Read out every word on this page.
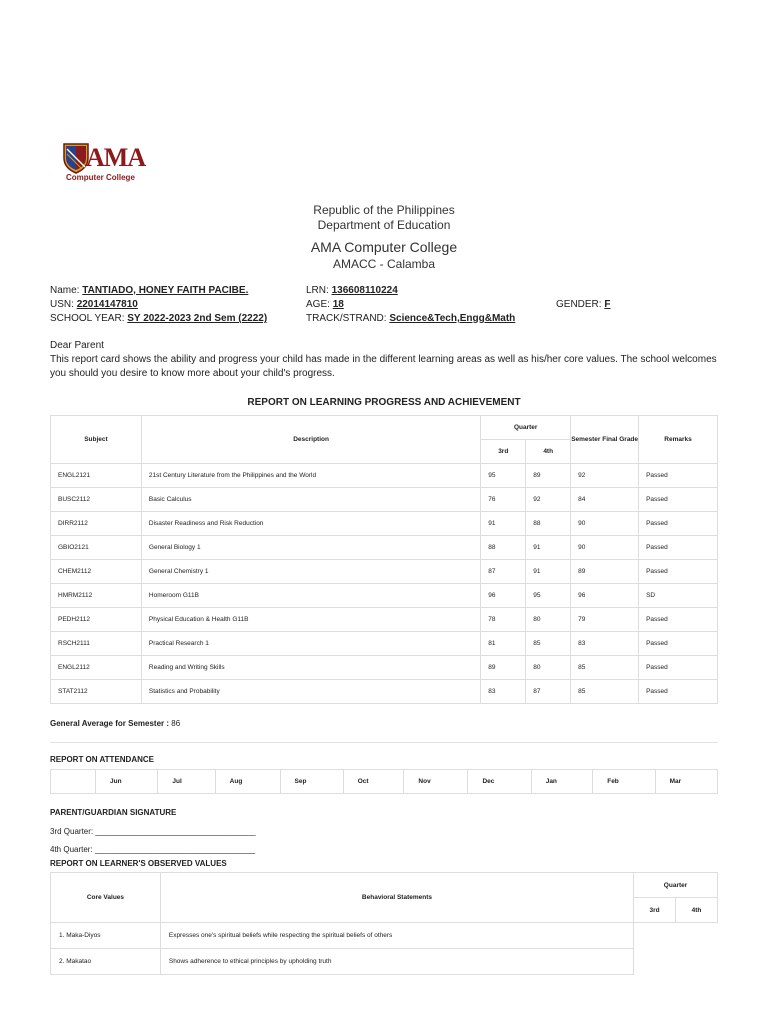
AMA
Computer College
Republic of the Philippines
Department of Education
AMA Computer College
AMACC - Calamba
Name: TANTIADO, HONEY FAITH PACIBE.	LRN: 136608110224
USN: 22014147810	AGE: 18	GENDER: F
SCHOOL YEAR: SY 2022-2023 2nd Sem (2222)	TRACK/STRAND: Science&Tech,Engg&Math
Dear Parent
This report card shows the ability and progress your child has made in the different learning areas as well as his/her core values. The school welcomes you should you desire to know more about your child's progress.
REPORT ON LEARNING PROGRESS AND ACHIEVEMENT
Subject	Description	Quarter		Semester Final Grade	Remarks
		3rd	4th		
ENGL2121	21st Century Literature from the Philippines and the World	95	89	92	Passed
BUSC2112	Basic Calculus	76	92	84	Passed
DIRR2112	Disaster Readiness and Risk Reduction	91	88	90	Passed
GBIO2121	General Biology 1	88	91	90	Passed
CHEM2112	General Chemistry 1	87	91	89	Passed
HMRM2112	Homeroom G11B	96	95	96	SD
PEDH2112	Physical Education & Health G11B	78	80	79	Passed
RSCH2111	Practical Research 1	81	85	83	Passed
ENGL2112	Reading and Writing Skills	89	80	85	Passed
STAT2112	Statistics and Probability	83	87	85	Passed
General Average for Semester : 86
REPORT ON ATTENDANCE
	Jun	Jul	Aug	Sep	Oct	Nov	Dec	Jan	Feb	Mar
PARENT/GUARDIAN SIGNATURE
3rd Quarter: ____________________________________
4th Quarter: ____________________________________
REPORT ON LEARNER'S OBSERVED VALUES
Core Values	Behavioral Statements	Quarter	
		3rd	4th
1. Maka-Diyos	Expresses one's spiritual beliefs while respecting the spiritual beliefs of others		
2. Makatao	Shows adherence to ethical principles by upholding truth		
